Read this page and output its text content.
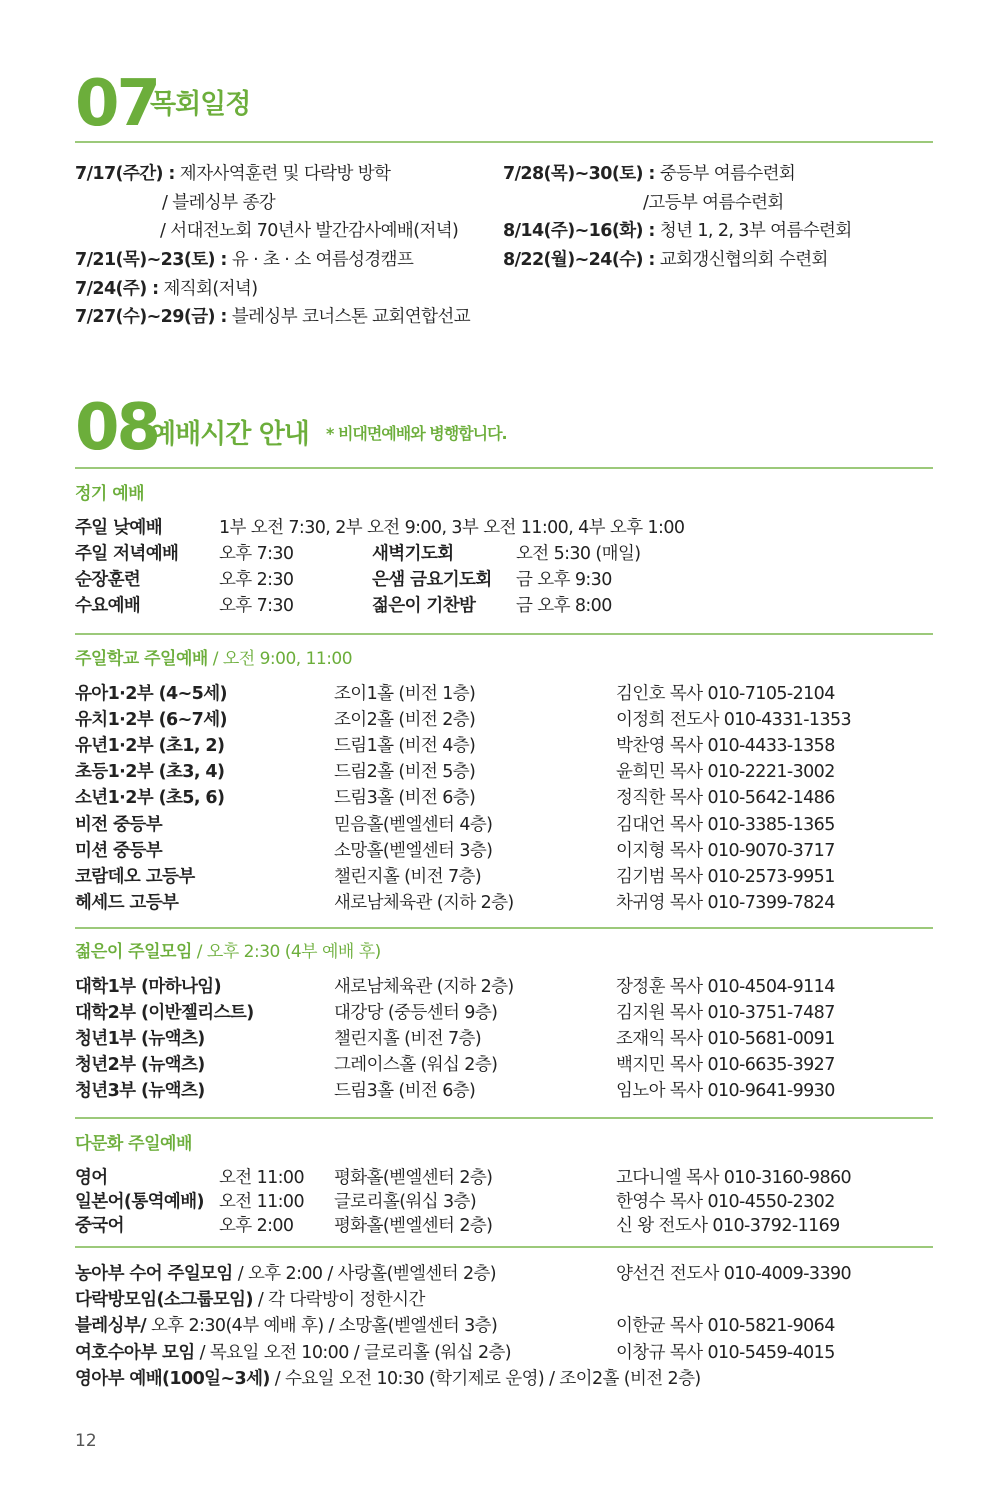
07
목회일정
7/17(주간) : 제자사역훈련 및 다락방 방학
/ 블레싱부 종강
/ 서대전노회 70년사 발간감사예배(저녁)
7/21(목)~23(토) : 유 · 초 · 소 여름성경캠프
7/24(주) : 제직회(저녁)
7/27(수)~29(금) : 블레싱부 코너스톤 교회연합선교
7/28(목)~30(토) : 중등부 여름수련회
/고등부 여름수련회
8/14(주)~16(화) : 청년 1, 2, 3부 여름수련회
8/22(월)~24(수) : 교회갱신협의회 수련회
08
예배시간 안내 * 비대면예배와 병행합니다.
정기 예배
주일 낮예배	1부 오전 7:30, 2부 오전 9:00, 3부 오전 11:00, 4부 오후 1:00
주일 저녁예배 오후 7:30	새벽기도회	오전 5:30 (매일)
순장훈련	오후 2:30	은샘 금요기도회 금 오후 9:30
수요예배	오후 7:30	젊은이 기찬밤 금 오후 8:00
주일학교 주일예배 / 오전 9:00, 11:00
유아1·2부 (4~5세)	조이1홀 (비전 1층)	김인호 목사 010-7105-2104
유치1·2부 (6~7세)	조이2홀 (비전 2층)	이정희 전도사 010-4331-1353
유년1·2부 (초1, 2)	드림1홀 (비전 4층)	박찬영 목사 010-4433-1358
초등1·2부 (초3, 4)	드림2홀 (비전 5층)	윤희민 목사 010-2221-3002
소년1·2부 (초5, 6)	드림3홀 (비전 6층)	정직한 목사 010-5642-1486
비전 중등부	믿음홀(벧엘센터 4층)	김대언 목사 010-3385-1365
미션 중등부	소망홀(벧엘센터 3층)	이지형 목사 010-9070-3717
코람데오 고등부	챌린지홀 (비전 7층)	김기범 목사 010-2573-9951
헤세드 고등부	새로남체육관 (지하 2층)	차귀영 목사 010-7399-7824
젊은이 주일모임 / 오후 2:30 (4부 예배 후)
대학1부 (마하나임)	새로남체육관 (지하 2층)	장정훈 목사 010-4504-9114
대학2부 (이반젤리스트)	대강당 (중등센터 9층)	김지원 목사 010-3751-7487
청년1부 (뉴액츠)	챌린지홀 (비전 7층)	조재익 목사 010-5681-0091
청년2부 (뉴액츠)	그레이스홀 (워십 2층)	백지민 목사 010-6635-3927
청년3부 (뉴액츠)	드림3홀 (비전 6층)	임노아 목사 010-9641-9930
다문화 주일예배
영어	오전 11:00 평화홀(벧엘센터 2층)	고다니엘 목사 010-3160-9860
일본어(통역예배) 오전 11:00 글로리홀(워십 3층)	한영수 목사 010-4550-2302
중국어	오후 2:00 평화홀(벧엘센터 2층)	신 왕 전도사 010-3792-1169
농아부 수어 주일모임 / 오후 2:00 / 사랑홀(벧엘센터 2층)	양선건 전도사 010-4009-3390
다락방모임(소그룹모임) / 각 다락방이 정한시간
블레싱부/ 오후 2:30(4부 예배 후) / 소망홀(벧엘센터 3층)	이한균 목사 010-5821-9064
여호수아부 모임 / 목요일 오전 10:00 / 글로리홀 (워십 2층)	이창규 목사 010-5459-4015
영아부 예배(100일~3세) / 수요일 오전 10:30 (학기제로 운영) / 조이2홀 (비전 2층)
12
